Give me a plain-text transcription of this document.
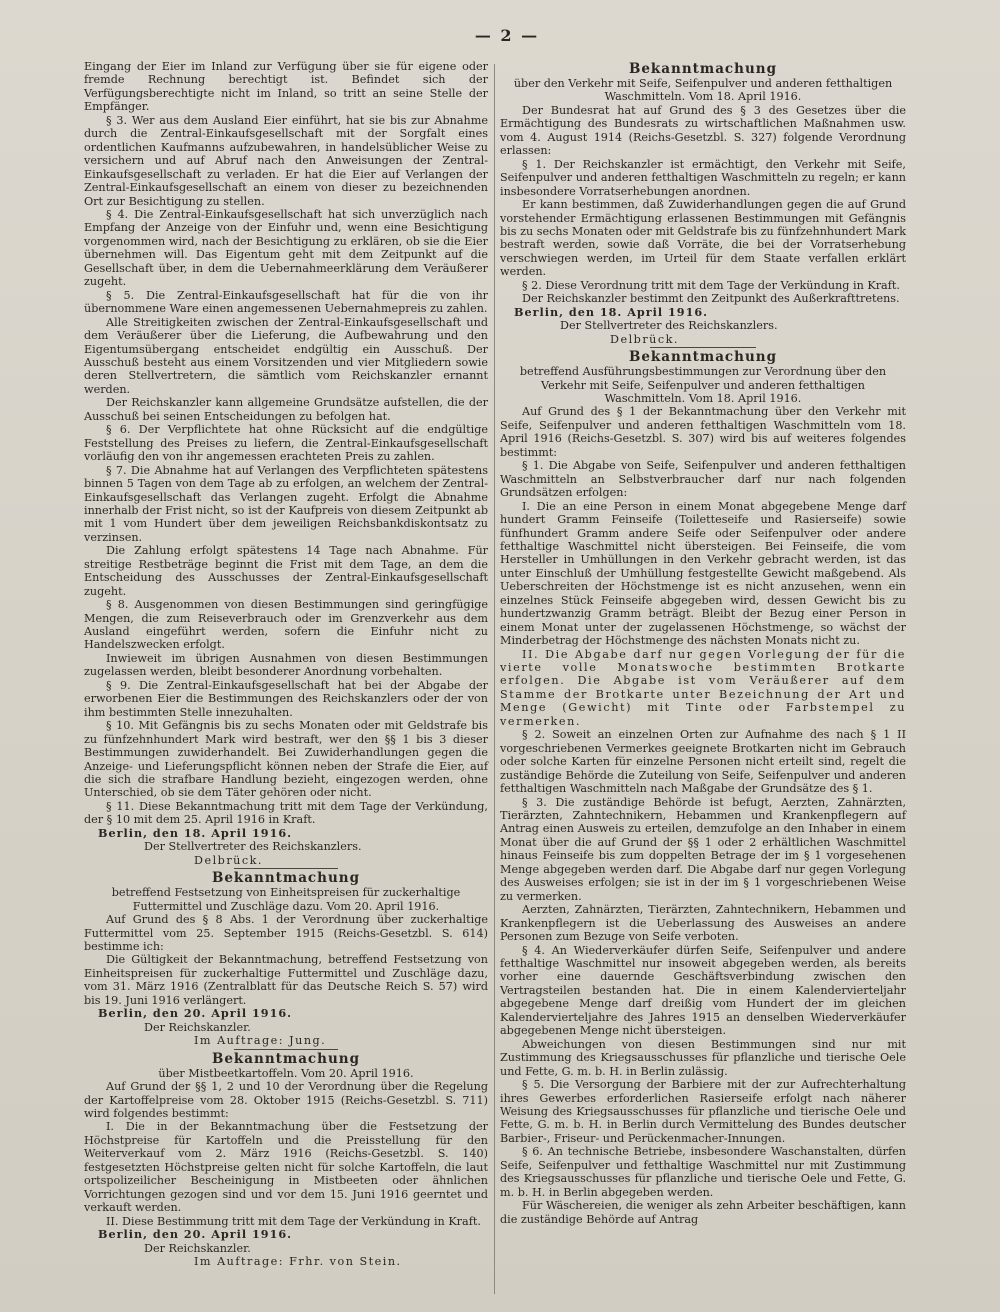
— 2 —

Eingang der Eier im Inland zur Verfügung über sie für eigene oder fremde Rechnung berechtigt ist. Befindet sich der Verfügungsberechtigte nicht im Inland, so tritt an seine Stelle der Empfänger.

§ 3. Wer aus dem Ausland Eier einführt, hat sie bis zur Abnahme durch die Zentral-Einkaufsgesellschaft mit der Sorgfalt eines ordentlichen Kaufmanns aufzubewahren, in handelsüblicher Weise zu versichern und auf Abruf nach den Anweisungen der Zentral-Einkaufsgesellschaft zu verladen. Er hat die Eier auf Verlangen der Zentral-Einkaufsgesellschaft an einem von dieser zu bezeichnenden Ort zur Besichtigung zu stellen.

§ 4. Die Zentral-Einkaufsgesellschaft hat sich unverzüglich nach Empfang der Anzeige von der Einfuhr und, wenn eine Besichtigung vorgenommen wird, nach der Besichtigung zu erklären, ob sie die Eier übernehmen will. Das Eigentum geht mit dem Zeitpunkt auf die Gesellschaft über, in dem die Uebernahmeerklärung dem Veräußerer zugeht.

§ 5. Die Zentral-Einkaufsgesellschaft hat für die von ihr übernommene Ware einen angemessenen Uebernahmepreis zu zahlen.

Alle Streitigkeiten zwischen der Zentral-Einkaufsgesellschaft und dem Veräußerer über die Lieferung, die Aufbewahrung und den Eigentumsübergang entscheidet endgültig ein Ausschuß. Der Ausschuß besteht aus einem Vorsitzenden und vier Mitgliedern sowie deren Stellvertretern, die sämtlich vom Reichskanzler ernannt werden.

Der Reichskanzler kann allgemeine Grundsätze aufstellen, die der Ausschuß bei seinen Entscheidungen zu befolgen hat.

§ 6. Der Verpflichtete hat ohne Rücksicht auf die endgültige Feststellung des Preises zu liefern, die Zentral-Einkaufsgesellschaft vorläufig den von ihr angemessen erachteten Preis zu zahlen.

§ 7. Die Abnahme hat auf Verlangen des Verpflichteten spätestens binnen 5 Tagen von dem Tage ab zu erfolgen, an welchem der Zentral-Einkaufsgesellschaft das Verlangen zugeht. Erfolgt die Abnahme innerhalb der Frist nicht, so ist der Kaufpreis von diesem Zeitpunkt ab mit 1 vom Hundert über dem jeweiligen Reichsbankdiskontsatz zu verzinsen.

Die Zahlung erfolgt spätestens 14 Tage nach Abnahme. Für streitige Restbeträge beginnt die Frist mit dem Tage, an dem die Entscheidung des Ausschusses der Zentral-Einkaufsgesellschaft zugeht.

§ 8. Ausgenommen von diesen Bestimmungen sind geringfügige Mengen, die zum Reiseverbrauch oder im Grenzverkehr aus dem Ausland eingeführt werden, sofern die Einfuhr nicht zu Handelszwecken erfolgt.

Inwieweit im übrigen Ausnahmen von diesen Bestimmungen zugelassen werden, bleibt besonderer Anordnung vorbehalten.

§ 9. Die Zentral-Einkaufsgesellschaft hat bei der Abgabe der erworbenen Eier die Bestimmungen des Reichskanzlers oder der von ihm bestimmten Stelle innezuhalten.

§ 10. Mit Gefängnis bis zu sechs Monaten oder mit Geldstrafe bis zu fünfzehnhundert Mark wird bestraft, wer den §§ 1 bis 3 dieser Bestimmungen zuwiderhandelt. Bei Zuwiderhandlungen gegen die Anzeige- und Lieferungspflicht können neben der Strafe die Eier, auf die sich die strafbare Handlung bezieht, eingezogen werden, ohne Unterschied, ob sie dem Täter gehören oder nicht.

§ 11. Diese Bekanntmachung tritt mit dem Tage der Verkündung, der § 10 mit dem 25. April 1916 in Kraft.

Berlin, den 18. April 1916.

Der Stellvertreter des Reichskanzlers.

Delbrück.

Bekanntmachung

betreffend Festsetzung von Einheitspreisen für zuckerhaltige Futtermittel und Zuschläge dazu. Vom 20. April 1916.

Auf Grund des § 8 Abs. 1 der Verordnung über zuckerhaltige Futtermittel vom 25. September 1915 (Reichs-Gesetzbl. S. 614) bestimme ich:

Die Gültigkeit der Bekanntmachung, betreffend Festsetzung von Einheitspreisen für zuckerhaltige Futtermittel und Zuschläge dazu, vom 31. März 1916 (Zentralblatt für das Deutsche Reich S. 57) wird bis 19. Juni 1916 verlängert.

Berlin, den 20. April 1916.

Der Reichskanzler.

Im Auftrage: Jung.

Bekanntmachung

über Mistbeetkartoffeln. Vom 20. April 1916.

Auf Grund der §§ 1, 2 und 10 der Verordnung über die Regelung der Kartoffelpreise vom 28. Oktober 1915 (Reichs-Gesetzbl. S. 711) wird folgendes bestimmt:

I. Die in der Bekanntmachung über die Festsetzung der Höchstpreise für Kartoffeln und die Preisstellung für den Weiterverkauf vom 2. März 1916 (Reichs-Gesetzbl. S. 140) festgesetzten Höchstpreise gelten nicht für solche Kartoffeln, die laut ortspolizeilicher Bescheinigung in Mistbeeten oder ähnlichen Vorrichtungen gezogen sind und vor dem 15. Juni 1916 geerntet und verkauft werden.

II. Diese Bestimmung tritt mit dem Tage der Verkündung in Kraft.

Berlin, den 20. April 1916.

Der Reichskanzler.

Im Auftrage: Frhr. von Stein.

Bekanntmachung

über den Verkehr mit Seife, Seifenpulver und anderen fetthaltigen Waschmitteln. Vom 18. April 1916.

Der Bundesrat hat auf Grund des § 3 des Gesetzes über die Ermächtigung des Bundesrats zu wirtschaftlichen Maßnahmen usw. vom 4. August 1914 (Reichs-Gesetzbl. S. 327) folgende Verordnung erlassen:

§ 1. Der Reichskanzler ist ermächtigt, den Verkehr mit Seife, Seifenpulver und anderen fetthaltigen Waschmitteln zu regeln; er kann insbesondere Vorratserhebungen anordnen.

Er kann bestimmen, daß Zuwiderhandlungen gegen die auf Grund vorstehender Ermächtigung erlassenen Bestimmungen mit Gefängnis bis zu sechs Monaten oder mit Geldstrafe bis zu fünfzehnhundert Mark bestraft werden, sowie daß Vorräte, die bei der Vorratserhebung verschwiegen werden, im Urteil für dem Staate verfallen erklärt werden.

§ 2. Diese Verordnung tritt mit dem Tage der Verkündung in Kraft.

Der Reichskanzler bestimmt den Zeitpunkt des Außerkrafttretens.

Berlin, den 18. April 1916.

Der Stellvertreter des Reichskanzlers.

Delbrück.

Bekanntmachung

betreffend Ausführungsbestimmungen zur Verordnung über den Verkehr mit Seife, Seifenpulver und anderen fetthaltigen Waschmitteln. Vom 18. April 1916.

Auf Grund des § 1 der Bekanntmachung über den Verkehr mit Seife, Seifenpulver und anderen fetthaltigen Waschmitteln vom 18. April 1916 (Reichs-Gesetzbl. S. 307) wird bis auf weiteres folgendes bestimmt:

§ 1. Die Abgabe von Seife, Seifenpulver und anderen fetthaltigen Waschmitteln an Selbstverbraucher darf nur nach folgenden Grundsätzen erfolgen:

I. Die an eine Person in einem Monat abgegebene Menge darf hundert Gramm Feinseife (Toiletteseife und Rasierseife) sowie fünfhundert Gramm andere Seife oder Seifenpulver oder andere fetthaltige Waschmittel nicht übersteigen. Bei Feinseife, die vom Hersteller in Umhüllungen in den Verkehr gebracht werden, ist das unter Einschluß der Umhüllung festgestellte Gewicht maßgebend. Als Ueberschreiten der Höchstmenge ist es nicht anzusehen, wenn ein einzelnes Stück Feinseife abgegeben wird, dessen Gewicht bis zu hundertzwanzig Gramm beträgt. Bleibt der Bezug einer Person in einem Monat unter der zugelassenen Höchstmenge, so wächst der Minderbetrag der Höchstmenge des nächsten Monats nicht zu.

II. Die Abgabe darf nur gegen Vorlegung der für die vierte volle Monatswoche bestimmten Brotkarte erfolgen. Die Abgabe ist vom Veräußerer auf dem Stamme der Brotkarte unter Bezeichnung der Art und Menge (Gewicht) mit Tinte oder Farbstempel zu vermerken.

§ 2. Soweit an einzelnen Orten zur Aufnahme des nach § 1 II vorgeschriebenen Vermerkes geeignete Brotkarten nicht im Gebrauch oder solche Karten für einzelne Personen nicht erteilt sind, regelt die zuständige Behörde die Zuteilung von Seife, Seifenpulver und anderen fetthaltigen Waschmitteln nach Maßgabe der Grundsätze des § 1.

§ 3. Die zuständige Behörde ist befugt, Aerzten, Zahnärzten, Tierärzten, Zahntechnikern, Hebammen und Krankenpflegern auf Antrag einen Ausweis zu erteilen, demzufolge an den Inhaber in einem Monat über die auf Grund der §§ 1 oder 2 erhältlichen Waschmittel hinaus Feinseife bis zum doppelten Betrage der im § 1 vorgesehenen Menge abgegeben werden darf. Die Abgabe darf nur gegen Vorlegung des Ausweises erfolgen; sie ist in der im § 1 vorgeschriebenen Weise zu vermerken.

Aerzten, Zahnärzten, Tierärzten, Zahntechnikern, Hebammen und Krankenpflegern ist die Ueberlassung des Ausweises an andere Personen zum Bezuge von Seife verboten.

§ 4. An Wiederverkäufer dürfen Seife, Seifenpulver und andere fetthaltige Waschmittel nur insoweit abgegeben werden, als bereits vorher eine dauernde Geschäftsverbindung zwischen den Vertragsteilen bestanden hat. Die in einem Kalendervierteljahr abgegebene Menge darf dreißig vom Hundert der im gleichen Kalendervierteljahre des Jahres 1915 an denselben Wiederverkäufer abgegebenen Menge nicht übersteigen.

Abweichungen von diesen Bestimmungen sind nur mit Zustimmung des Kriegsausschusses für pflanzliche und tierische Oele und Fette, G. m. b. H. in Berlin zulässig.

§ 5. Die Versorgung der Barbiere mit der zur Aufrechterhaltung ihres Gewerbes erforderlichen Rasierseife erfolgt nach näherer Weisung des Kriegsausschusses für pflanzliche und tierische Oele und Fette, G. m. b. H. in Berlin durch Vermittelung des Bundes deutscher Barbier-, Friseur- und Perückenmacher-Innungen.

§ 6. An technische Betriebe, insbesondere Waschanstalten, dürfen Seife, Seifenpulver und fetthaltige Waschmittel nur mit Zustimmung des Kriegsausschusses für pflanzliche und tierische Oele und Fette, G. m. b. H. in Berlin abgegeben werden.

Für Wäschereien, die weniger als zehn Arbeiter beschäftigen, kann die zuständige Behörde auf Antrag
